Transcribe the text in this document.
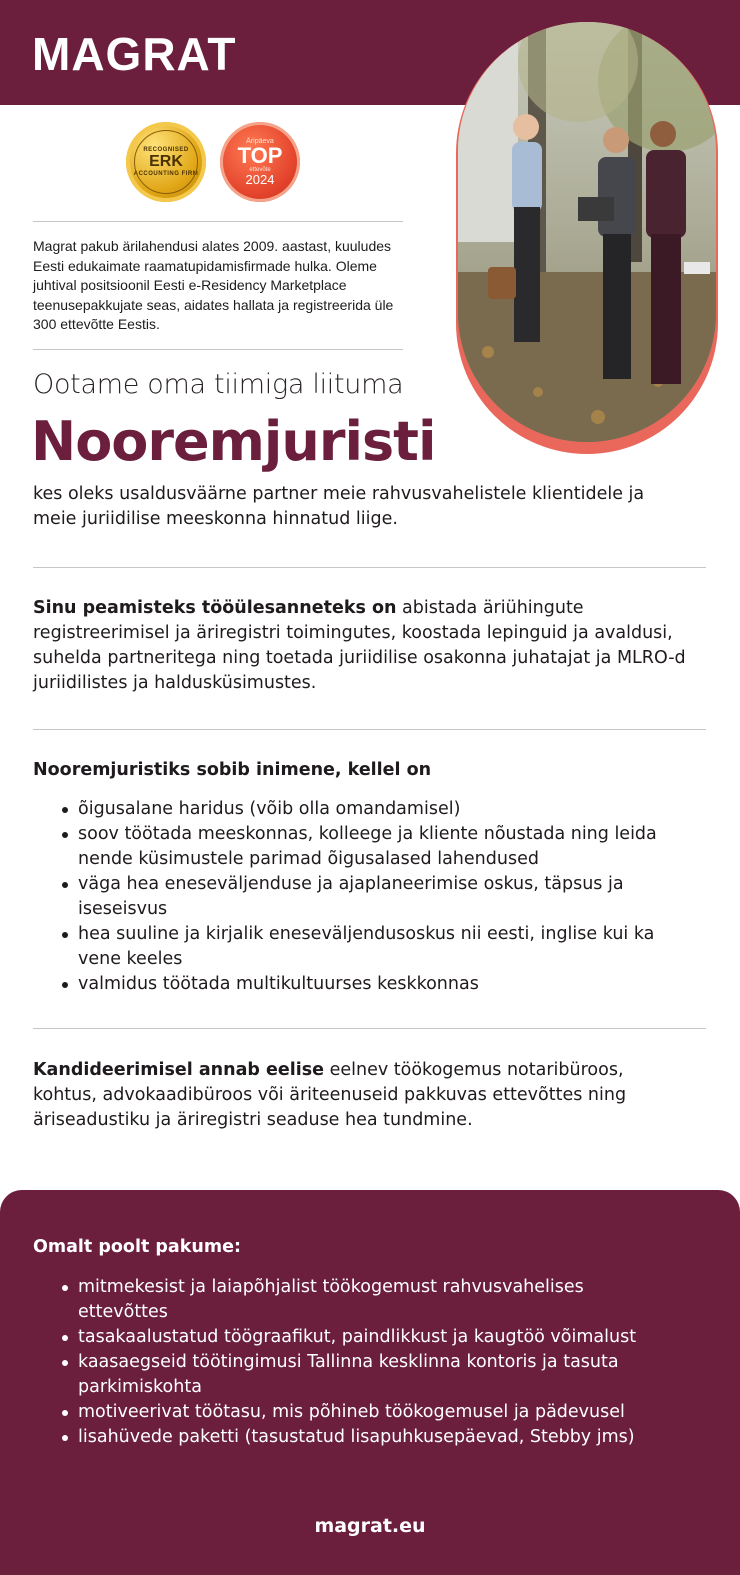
MAGRAT
RECOGNISED
ERK
ACCOUNTING FIRM
Äripäeva
TOP
ettevõte
2024

Magrat pakub ärilahendusi alates 2009. aastast, kuuludes Eesti edukaimate raamatupidamisfirmade hulka. Oleme juhtival positsioonil Eesti e-Residency Marketplace teenusepakkujate seas, aidates hallata ja registreerida üle 300 ettevõtte Eestis.

Ootame oma tiimiga liituma
Nooremjuristi

kes oleks usaldusväärne partner meie rahvusvahelistele klientidele ja meie juriidilise meeskonna hinnatud liige.

Sinu peamisteks tööülesanneteks on abistada äriühingute registreerimisel ja äriregistri toimingutes, koostada lepinguid ja avaldusi, suhelda partneritega ning toetada juriidilise osakonna juhatajat ja MLRO-d juriidilistes ja haldusküsimustes.

Nooremjuristiks sobib inimene, kellel on
õigusalane haridus (võib olla omandamisel)
soov töötada meeskonnas, kolleege ja kliente nõustada ning leida nende küsimustele parimad õigusalased lahendused
väga hea eneseväljenduse ja ajaplaneerimise oskus, täpsus ja iseseisvus
hea suuline ja kirjalik eneseväljendusoskus nii eesti, inglise kui ka vene keeles
valmidus töötada multikultuurses keskkonnas

Kandideerimisel annab eelise eelnev töökogemus notaribüroos, kohtus, advokaadibüroos või äriteenuseid pakkuvas ettevõttes ning äriseadustiku ja äriregistri seaduse hea tundmine.

Omalt poolt pakume:
mitmekesist ja laiapõhjalist töökogemust rahvusvahelises ettevõttes
tasakaalustatud töögraafikut, paindlikkust ja kaugtöö võimalust
kaasaegseid töötingimusi Tallinna kesklinna kontoris ja tasuta parkimiskohta
motiveerivat töötasu, mis põhineb töökogemusel ja pädevusel
lisahüvede paketti (tasustatud lisapuhkusepäevad, Stebby jms)
magrat.eu
